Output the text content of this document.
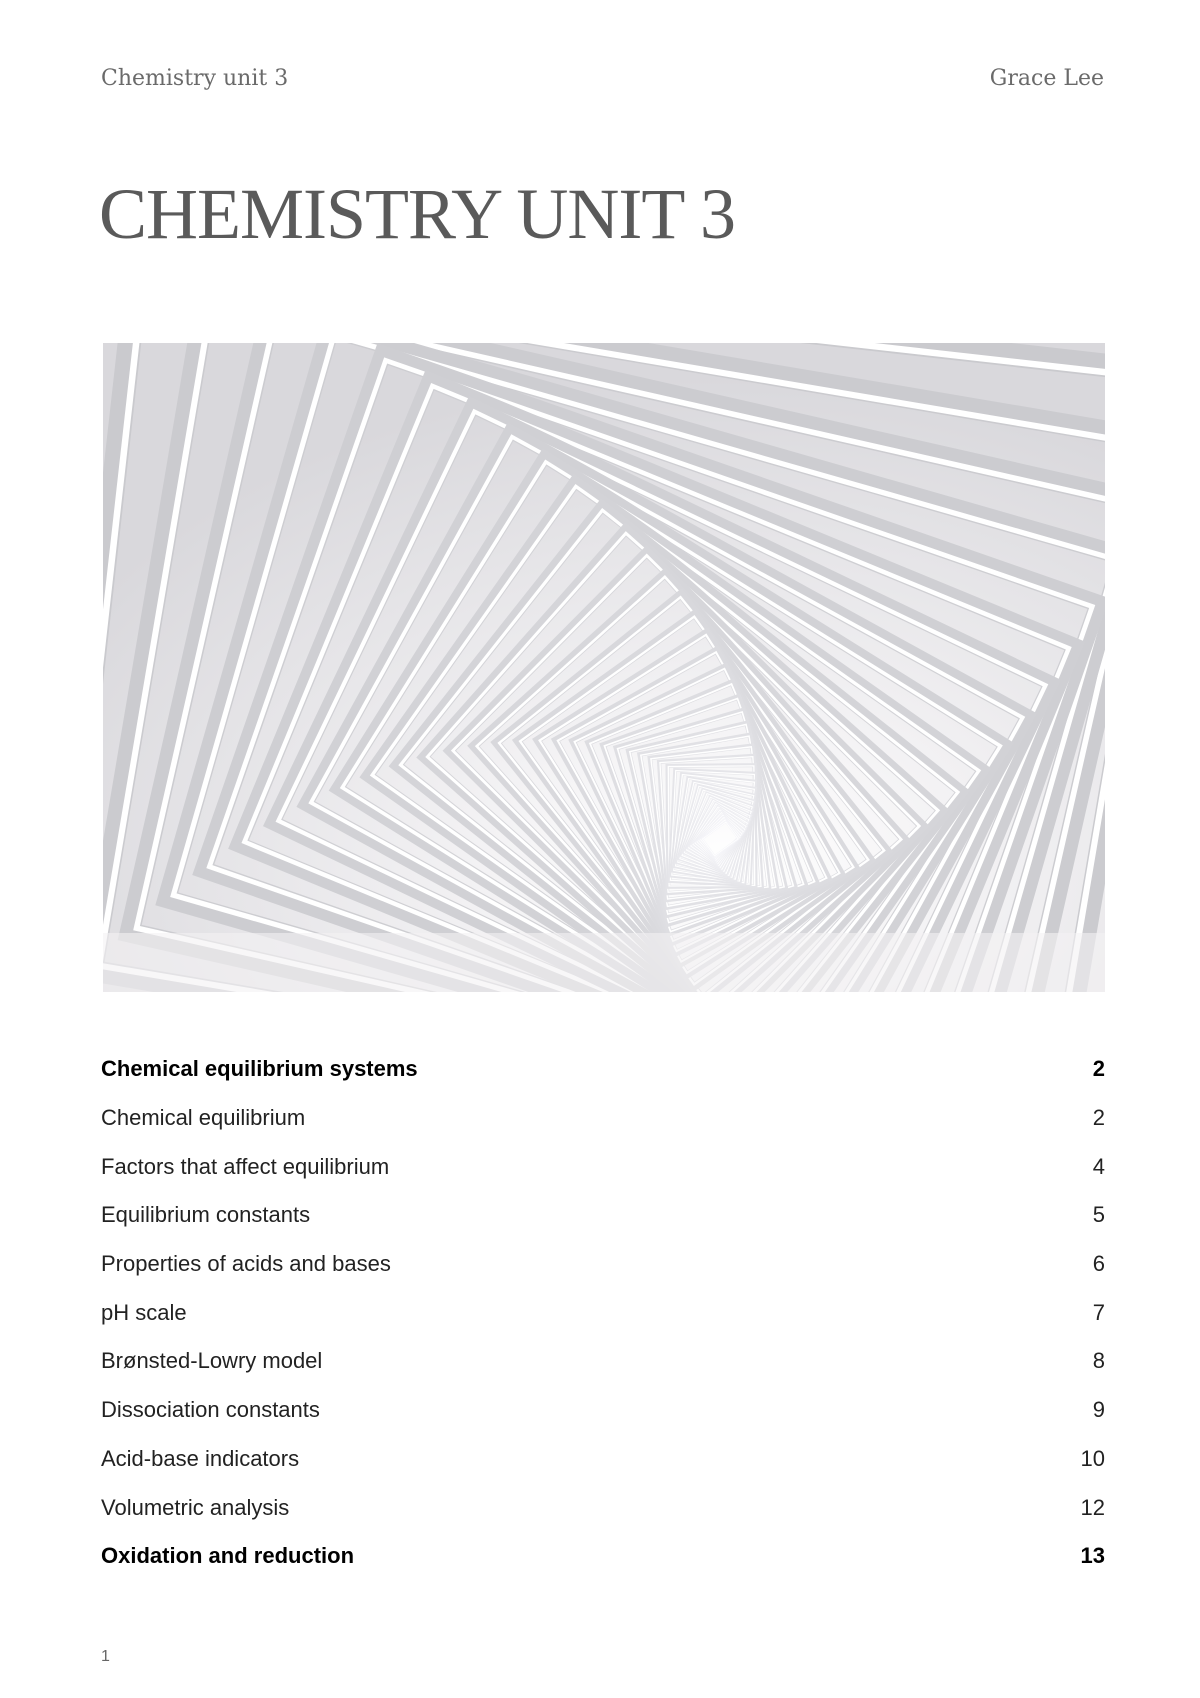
Chemistry unit 3	Grace Lee
CHEMISTRY UNIT 3
Chemical equilibrium systems	2
Chemical equilibrium	2
Factors that affect equilibrium	4
Equilibrium constants	5
Properties of acids and bases	6
pH scale	7
Brønsted-Lowry model	8
Dissociation constants	9
Acid-base indicators	10
Volumetric analysis	12
Oxidation and reduction	13
1
